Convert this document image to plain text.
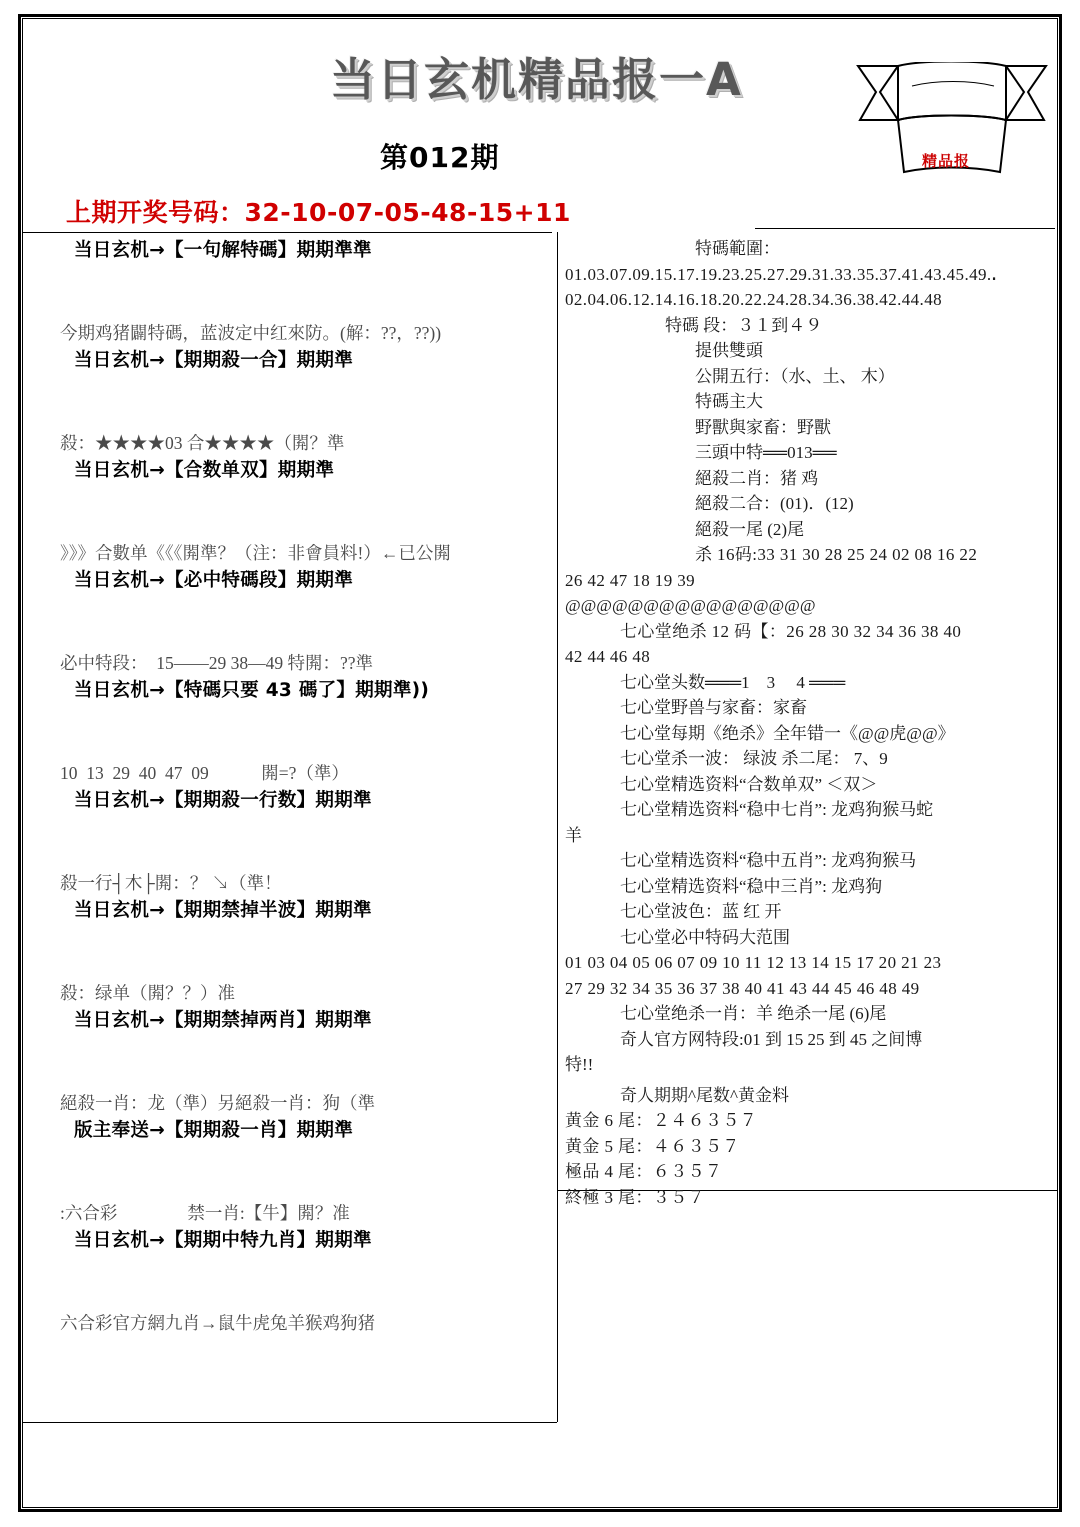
当日玄机精品报一A
精品报
第012期
上期开奖号码：32-10-07-05-48-15+11
当日玄机→【一句解特碼】期期準準
今期鸡猪闢特碼，蓝波定中红來防。(解：??，??))
当日玄机→【期期殺一合】期期準
殺：★★★★03 合★★★★（閞？準
当日玄机→【合数单双】期期準
》》》合數单《《《閞準？（注：非會員料!）←已公閞
当日玄机→【必中特碼段】期期準
必中特段：  15——29 38—49 特閞：??準
当日玄机→【特碼只要 43 碼了】期期準))
10  13  29  40  47  09            閞=?（準）
当日玄机→【期期殺一行数】期期準
殺一行┤木├閞：？ ↘（準！
当日玄机→【期期禁掉半波】期期準
殺：绿单（閞？？）准
当日玄机→【期期禁掉两肖】期期準
絕殺一肖：龙（準）另絕殺一肖：狗（準
版主奉送→【期期殺一肖】期期準
:六合彩                禁一肖:【牛】閞？准
当日玄机→【期期中特九肖】期期準
六合彩官方網九肖→鼠牛虎兔羊猴鸡狗猪
特碼範圍：
01.03.07.09.15.17.19.23.25.27.29.31.33.35.37.41.43.45.49.ꓸ
02.04.06.12.14.16.18.20.22.24.28.34.36.38.42.44.48
特碼 段：３１到４９
提供雙頭
公開五行：（水、土、 木）
特碼主大
野獸與家畜：野獸
三頭中特══013══
絕殺二肖：猪 鸡
絕殺二合：(01)．(12)
絕殺一尾 (2)尾
杀 16码:33 31 30 28 25 24 02 08 16 22
26 42 47 18 19 39
@@@@@@@@@@@@@@@@
七心堂绝杀 12 码【：26 28 30 32 34 36 38 40
42 44 46 48
七心堂头数═══1    3     4 ═══
七心堂野兽与家畜：家畜
七心堂每期《绝杀》全年错一《@@虎@@》
七心堂杀一波： 绿波 杀二尾： 7、9
七心堂精选资料“合数单双” ＜双＞
七心堂精选资料“稳中七肖”: 龙鸡狗猴马蛇
羊
七心堂精选资料“稳中五肖”: 龙鸡狗猴马
七心堂精选资料“稳中三肖”: 龙鸡狗
七心堂波色：蓝 红 开
七心堂必中特码大范围
01 03 04 05 06 07 09 10 11 12 13 14 15 17 20 21 23
27 29 32 34 35 36 37 38 40 41 43 44 45 46 48 49
七心堂绝杀一肖：羊 绝杀一尾 (6)尾
奇人官方网特段:01 到 15 25 到 45 之间博
特!!
奇人期期^尾数^黄金料
黄金 6 尾：２４６３５７
黄金 5 尾：４６３５７
極品 4 尾：６３５７
終極 3 尾：３５７
